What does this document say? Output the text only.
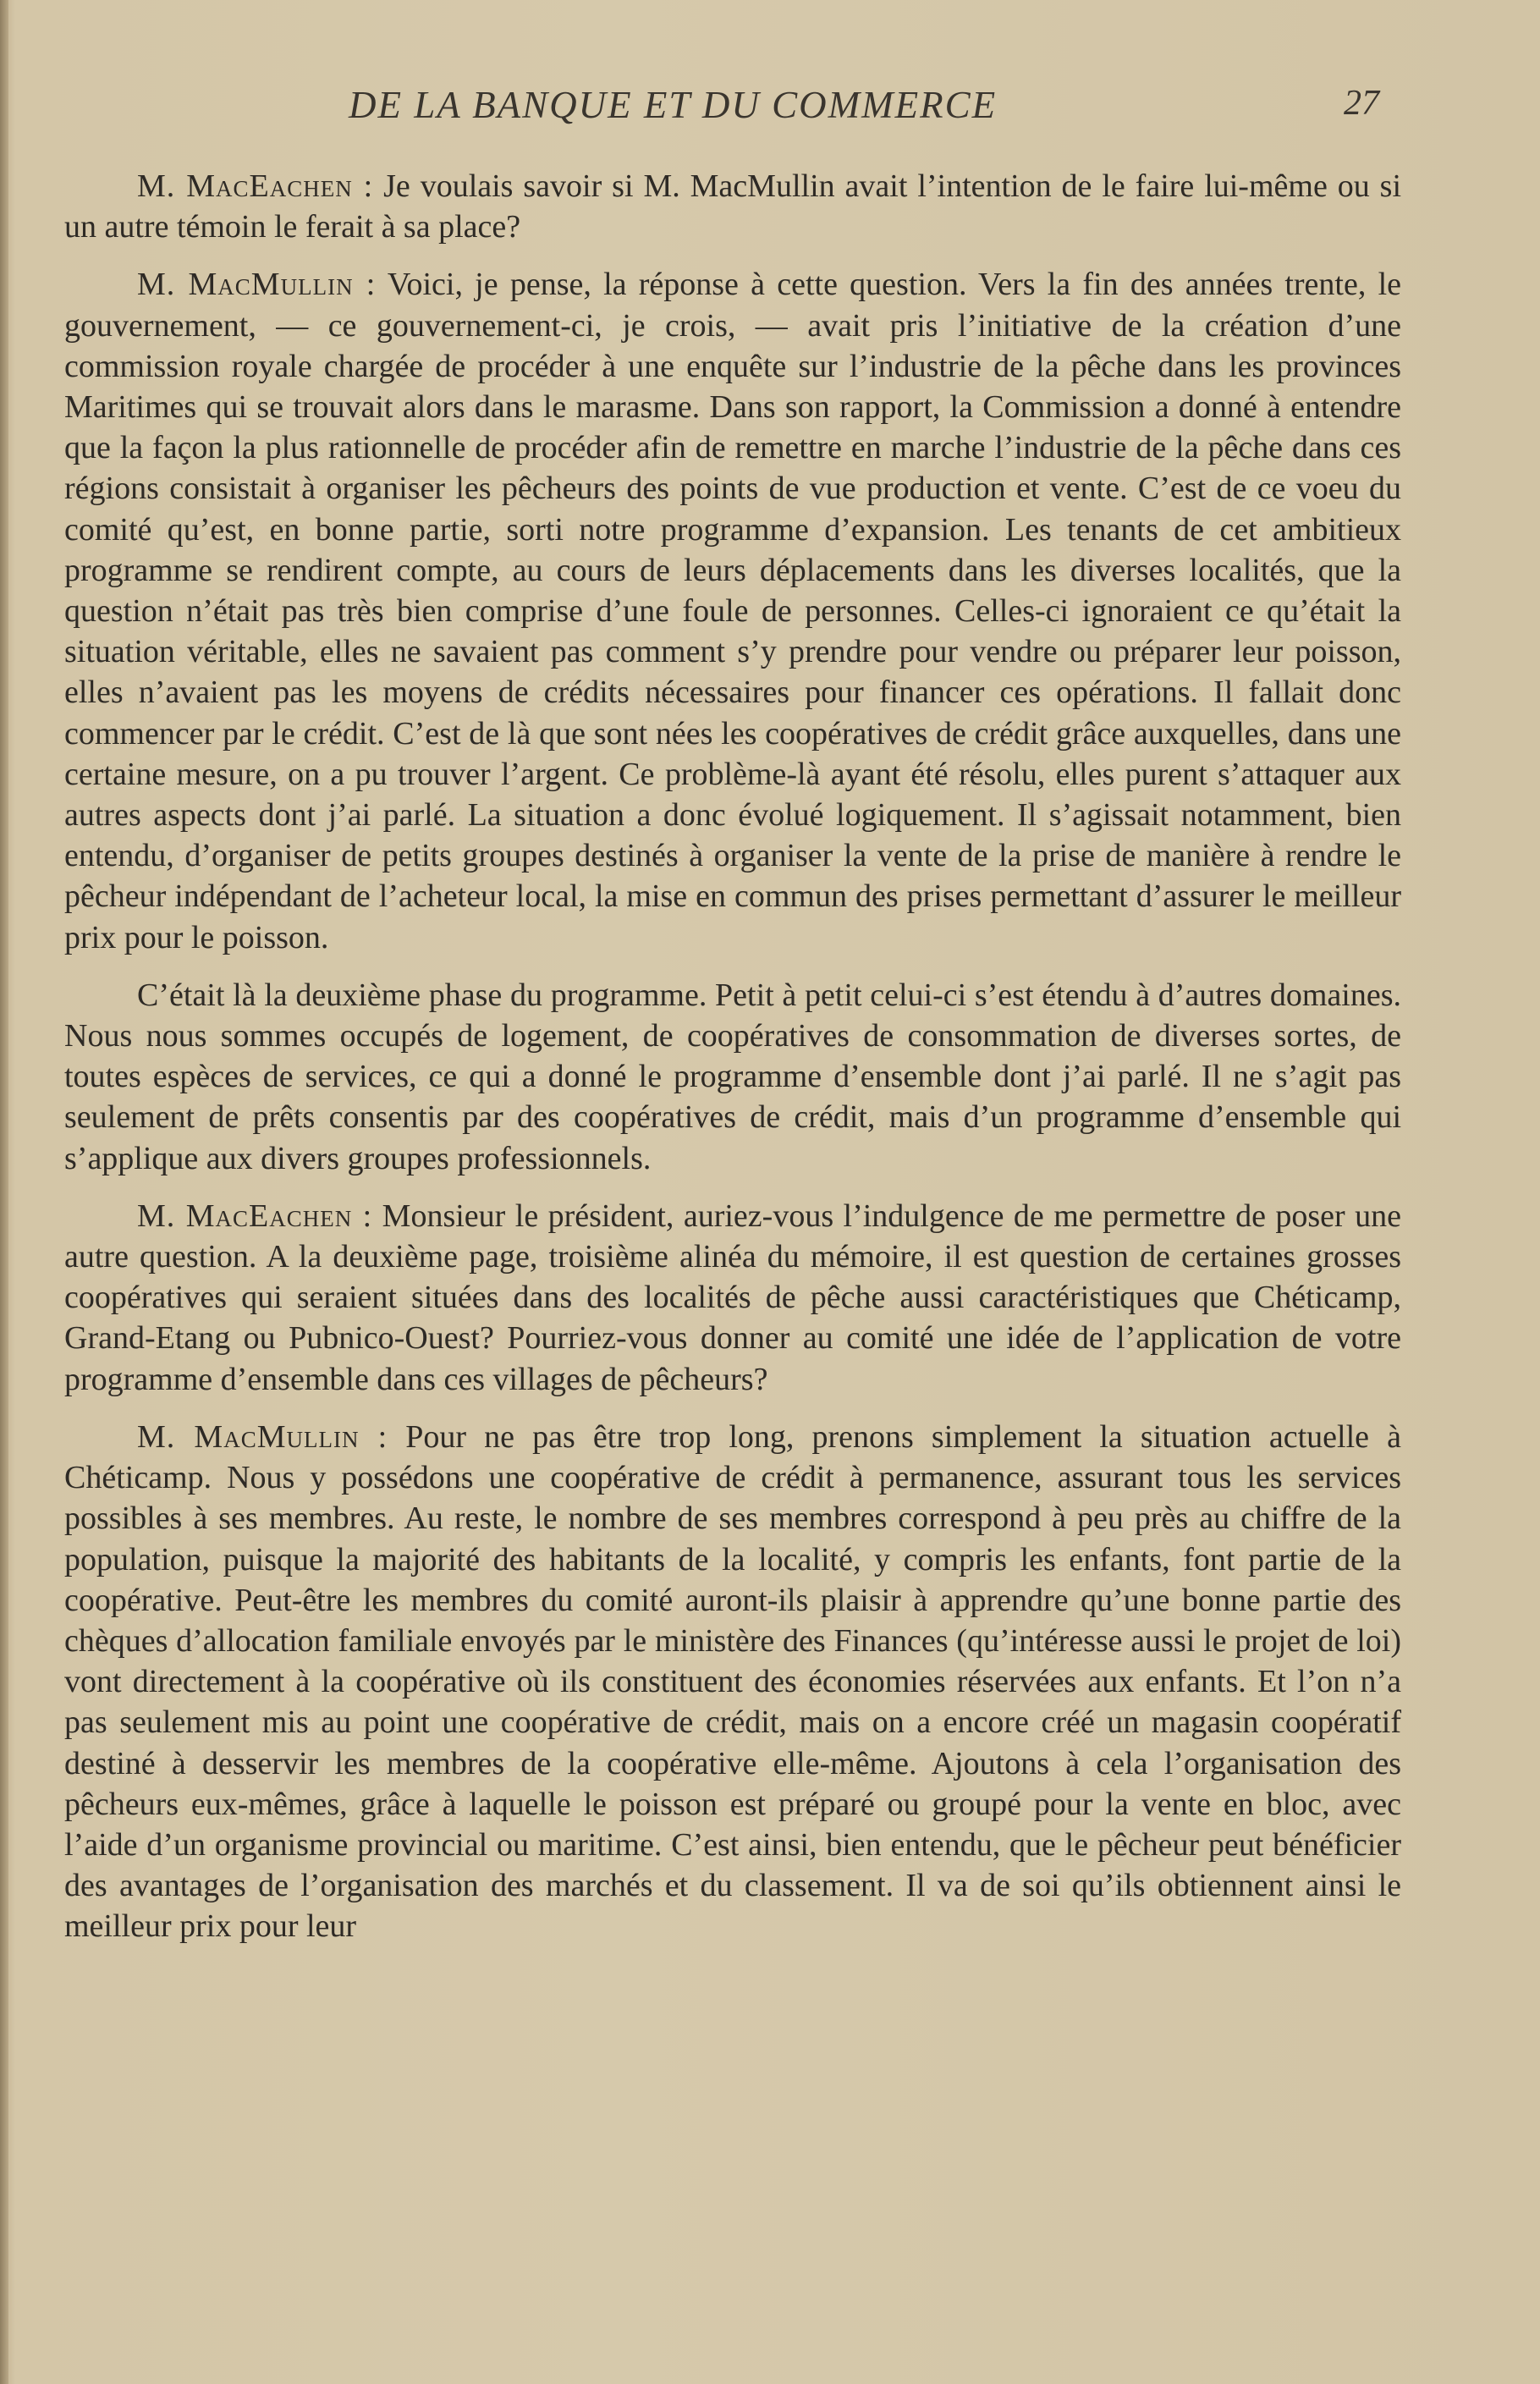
DE LA BANQUE ET DU COMMERCE	27

M. MacEachen : Je voulais savoir si M. MacMullin avait l’intention de le faire lui-même ou si un autre témoin le ferait à sa place?

M. MacMullin : Voici, je pense, la réponse à cette question. Vers la fin des années trente, le gouvernement, — ce gouvernement-ci, je crois, — avait pris l’initiative de la création d’une commission royale chargée de procéder à une enquête sur l’industrie de la pêche dans les provinces Maritimes qui se trouvait alors dans le marasme. Dans son rapport, la Commission a donné à entendre que la façon la plus rationnelle de procéder afin de remettre en marche l’industrie de la pêche dans ces régions consistait à organiser les pêcheurs des points de vue production et vente. C’est de ce voeu du comité qu’est, en bonne partie, sorti notre programme d’expansion. Les tenants de cet ambitieux programme se rendirent compte, au cours de leurs déplacements dans les diverses localités, que la question n’était pas très bien comprise d’une foule de personnes. Celles-ci ignoraient ce qu’était la situation véritable, elles ne savaient pas comment s’y prendre pour vendre ou préparer leur poisson, elles n’avaient pas les moyens de crédits nécessaires pour financer ces opérations. Il fallait donc commencer par le crédit. C’est de là que sont nées les coopératives de crédit grâce auxquelles, dans une certaine mesure, on a pu trouver l’argent. Ce problème-là ayant été résolu, elles purent s’attaquer aux autres aspects dont j’ai parlé. La situation a donc évolué logiquement. Il s’agissait notamment, bien entendu, d’organiser de petits groupes destinés à organiser la vente de la prise de manière à rendre le pêcheur indépendant de l’acheteur local, la mise en commun des prises permettant d’assurer le meilleur prix pour le poisson.

C’était là la deuxième phase du programme. Petit à petit celui-ci s’est étendu à d’autres domaines. Nous nous sommes occupés de logement, de coopératives de consommation de diverses sortes, de toutes espèces de services, ce qui a donné le programme d’ensemble dont j’ai parlé. Il ne s’agit pas seulement de prêts consentis par des coopératives de crédit, mais d’un programme d’ensemble qui s’applique aux divers groupes professionnels.

M. MacEachen : Monsieur le président, auriez-vous l’indulgence de me permettre de poser une autre question. A la deuxième page, troisième alinéa du mémoire, il est question de certaines grosses coopératives qui seraient situées dans des localités de pêche aussi caractéristiques que Chéticamp, Grand-Etang ou Pubnico-Ouest? Pourriez-vous donner au comité une idée de l’application de votre programme d’ensemble dans ces villages de pêcheurs?

M. MacMullin : Pour ne pas être trop long, prenons simplement la situation actuelle à Chéticamp. Nous y possédons une coopérative de crédit à permanence, assurant tous les services possibles à ses membres. Au reste, le nombre de ses membres correspond à peu près au chiffre de la population, puisque la majorité des habitants de la localité, y compris les enfants, font partie de la coopérative. Peut-être les membres du comité auront-ils plaisir à apprendre qu’une bonne partie des chèques d’allocation familiale envoyés par le ministère des Finances (qu’intéresse aussi le projet de loi) vont directement à la coopérative où ils constituent des économies réservées aux enfants. Et l’on n’a pas seulement mis au point une coopérative de crédit, mais on a encore créé un magasin coopératif destiné à desservir les membres de la coopérative elle-même. Ajoutons à cela l’organisation des pêcheurs eux-mêmes, grâce à laquelle le poisson est préparé ou groupé pour la vente en bloc, avec l’aide d’un organisme provincial ou maritime. C’est ainsi, bien entendu, que le pêcheur peut bénéficier des avantages de l’organisation des marchés et du classement. Il va de soi qu’ils obtiennent ainsi le meilleur prix pour leur
